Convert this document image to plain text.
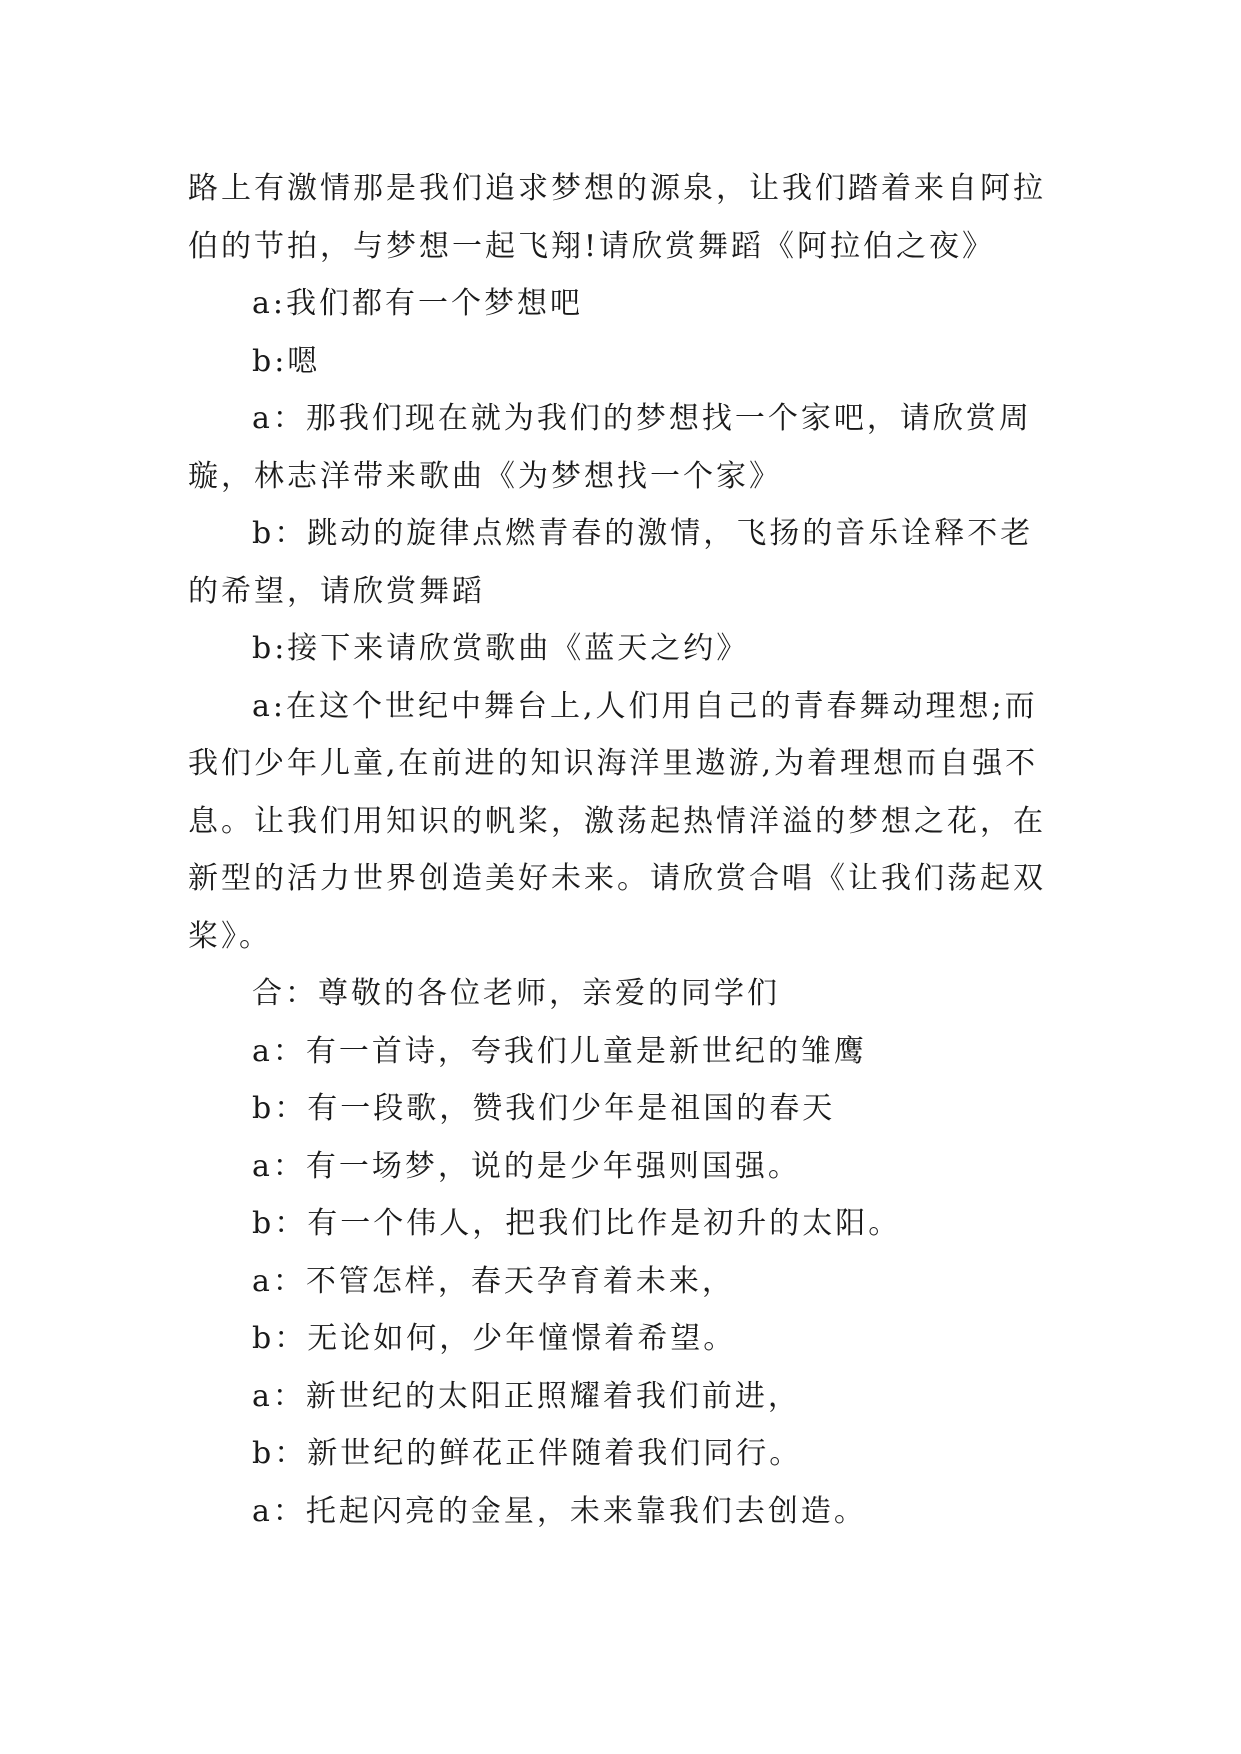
路上有激情那是我们追求梦想的源泉，让我们踏着来自阿拉伯的节拍，与梦想一起飞翔!请欣赏舞蹈《阿拉伯之夜》

a:我们都有一个梦想吧

b:嗯

a：那我们现在就为我们的梦想找一个家吧，请欣赏周璇，林志洋带来歌曲《为梦想找一个家》

b：跳动的旋律点燃青春的激情，飞扬的音乐诠释不老的希望，请欣赏舞蹈

b:接下来请欣赏歌曲《蓝天之约》

a:在这个世纪中舞台上,人们用自己的青春舞动理想;而我们少年儿童,在前进的知识海洋里遨游,为着理想而自强不息。让我们用知识的帆桨，激荡起热情洋溢的梦想之花，在新型的活力世界创造美好未来。请欣赏合唱《让我们荡起双桨》。

合：尊敬的各位老师，亲爱的同学们

a：有一首诗，夸我们儿童是新世纪的雏鹰

b：有一段歌，赞我们少年是祖国的春天

a：有一场梦，说的是少年强则国强。

b：有一个伟人，把我们比作是初升的太阳。

a：不管怎样，春天孕育着未来，

b：无论如何，少年憧憬着希望。

a：新世纪的太阳正照耀着我们前进，

b：新世纪的鲜花正伴随着我们同行。

a：托起闪亮的金星，未来靠我们去创造。
